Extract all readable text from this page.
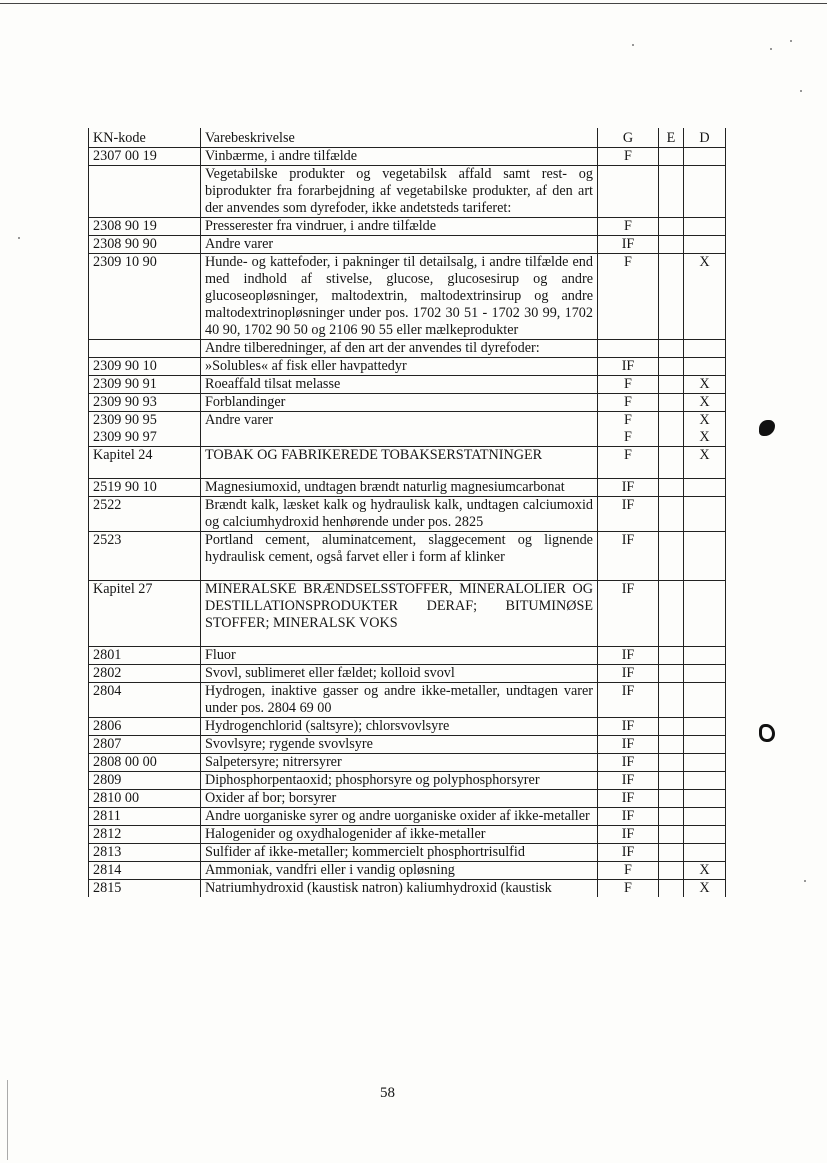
KN-kode	Varebeskrivelse	G	E	D
2307 00 19	Vinbærme, i andre tilfælde	F		
	Vegetabilske produkter og vegetabilsk affald samt rest- og biprodukter fra forarbejdning af vegetabilske produkter, af den art der anvendes som dyrefoder, ikke andetsteds tariferet:			
2308 90 19	Presserester fra vindruer, i andre tilfælde	F		
2308 90 90	Andre varer	IF		
2309 10 90	Hunde- og kattefoder, i pakninger til detailsalg, i andre tilfælde end med indhold af stivelse, glucose, glucosesirup og andre glucoseopløsninger, maltodextrin, maltodextrinsirup og andre maltodextrinopløsninger under pos. 1702 30 51 - 1702 30 99, 1702 40 90, 1702 90 50 og 2106 90 55 eller mælkeprodukter	F		X
	Andre tilberedninger, af den art der anvendes til dyrefoder:			
2309 90 10	»Solubles« af fisk eller havpattedyr	IF		
2309 90 91	Roeaffald tilsat melasse	F		X
2309 90 93	Forblandinger	F		X
2309 90 95	Andre varer	F		X
2309 90 97		F		X
Kapitel 24	TOBAK OG FABRIKEREDE TOBAKSERSTATNINGER	F		X
2519 90 10	Magnesiumoxid, undtagen brændt naturlig magnesiumcarbonat	IF		
2522	Brændt kalk, læsket kalk og hydraulisk kalk, undtagen calciumoxid og calciumhydroxid henhørende under pos. 2825	IF		
2523	Portland cement, aluminatcement, slaggecement og lignende hydraulisk cement, også farvet eller i form af klinker	IF		
Kapitel 27	MINERALSKE BRÆNDSELSSTOFFER, MINERALOLIER OG DESTILLATIONSPRODUKTER DERAF; BITUMINØSE STOFFER; MINERALSK VOKS	IF		
2801	Fluor	IF		
2802	Svovl, sublimeret eller fældet; kolloid svovl	IF		
2804	Hydrogen, inaktive gasser og andre ikke-metaller, undtagen varer under pos. 2804 69 00	IF		
2806	Hydrogenchlorid (saltsyre); chlorsvovlsyre	IF		
2807	Svovlsyre; rygende svovlsyre	IF		
2808 00 00	Salpetersyre; nitrersyrer	IF		
2809	Diphosphorpentaoxid; phosphorsyre og polyphosphorsyrer	IF		
2810 00	Oxider af bor; borsyrer	IF		
2811	Andre uorganiske syrer og andre uorganiske oxider af ikke-metaller	IF		
2812	Halogenider og oxydhalogenider af ikke-metaller	IF		
2813	Sulfider af ikke-metaller; kommercielt phosphortrisulfid	IF		
2814	Ammoniak, vandfri eller i vandig opløsning	F		X
2815	Natriumhydroxid (kaustisk natron) kaliumhydroxid (kaustisk	F		X
58
